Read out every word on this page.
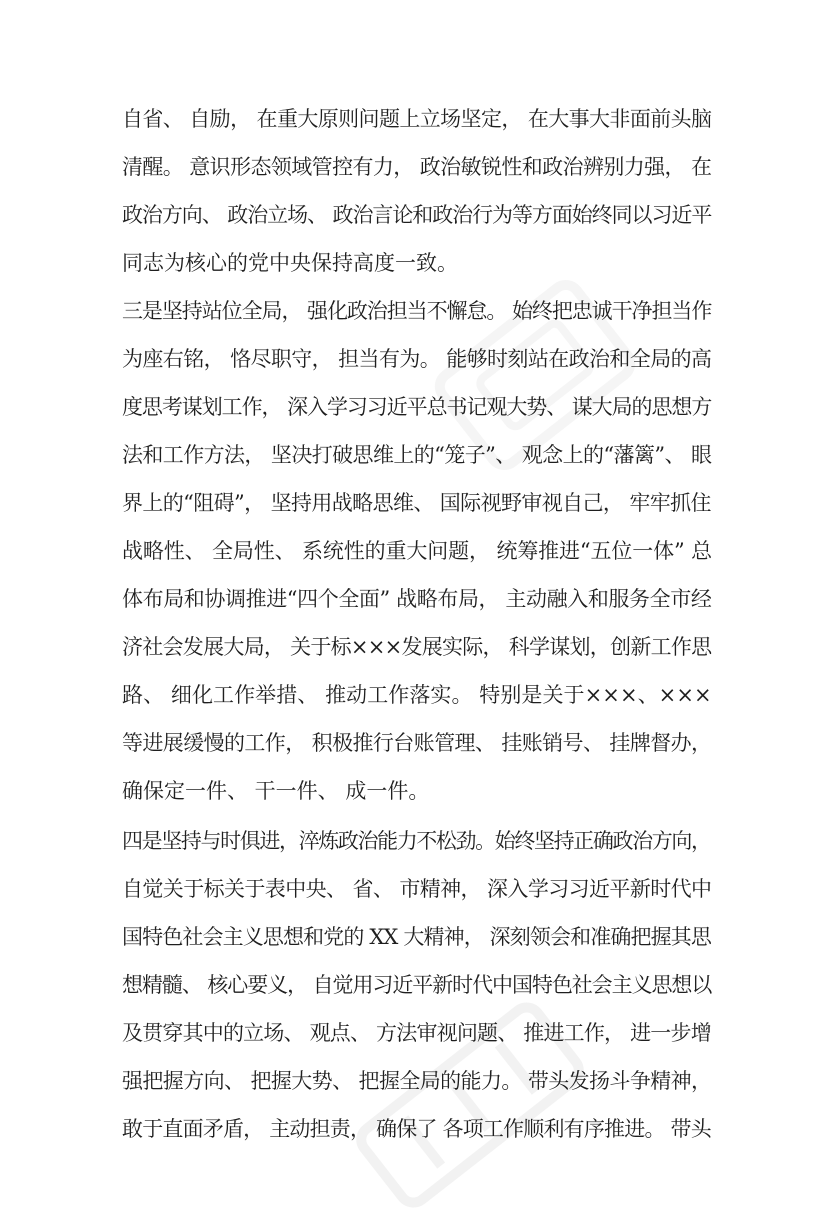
自省、 自励， 在重大原则问题上立场坚定， 在大事大非面前头脑
清醒。 意识形态领域管控有力， 政治敏锐性和政治辨别力强， 在
政治方向、 政治立场、 政治言论和政治行为等方面始终同以习近平
同志为核心的党中央保持高度一致。
三是坚持站位全局， 强化政治担当不懈怠。 始终把忠诚干净担当作
为座右铭， 恪尽职守， 担当有为。 能够时刻站在政治和全局的高
度思考谋划工作， 深入学习习近平总书记观大势、 谋大局的思想方
法和工作方法， 坚决打破思维上的“笼子”、 观念上的“藩篱”、 眼
界上的“阻碍”， 坚持用战略思维、 国际视野审视自己， 牢牢抓住
战略性、 全局性、 系统性的重大问题， 统筹推进“五位一体” 总
体布局和协调推进“四个全面” 战略布局， 主动融入和服务全市经
济社会发展大局， 关于标×××发展实际， 科学谋划，创新工作思
路、 细化工作举措、 推动工作落实。 特别是关于×××、×××
等进展缓慢的工作， 积极推行台账管理、 挂账销号、 挂牌督办，
确保定一件、 干一件、 成一件。
四是坚持与时俱进，淬炼政治能力不松劲。始终坚持正确政治方向，
自觉关于标关于表中央、 省、 市精神， 深入学习习近平新时代中
国特色社会主义思想和党的 XX 大精神， 深刻领会和准确把握其思
想精髓、 核心要义， 自觉用习近平新时代中国特色社会主义思想以
及贯穿其中的立场、 观点、 方法审视问题、 推进工作， 进一步增
强把握方向、 把握大势、 把握全局的能力。 带头发扬斗争精神，
敢于直面矛盾， 主动担责， 确保了 各项工作顺利有序推进。 带头
